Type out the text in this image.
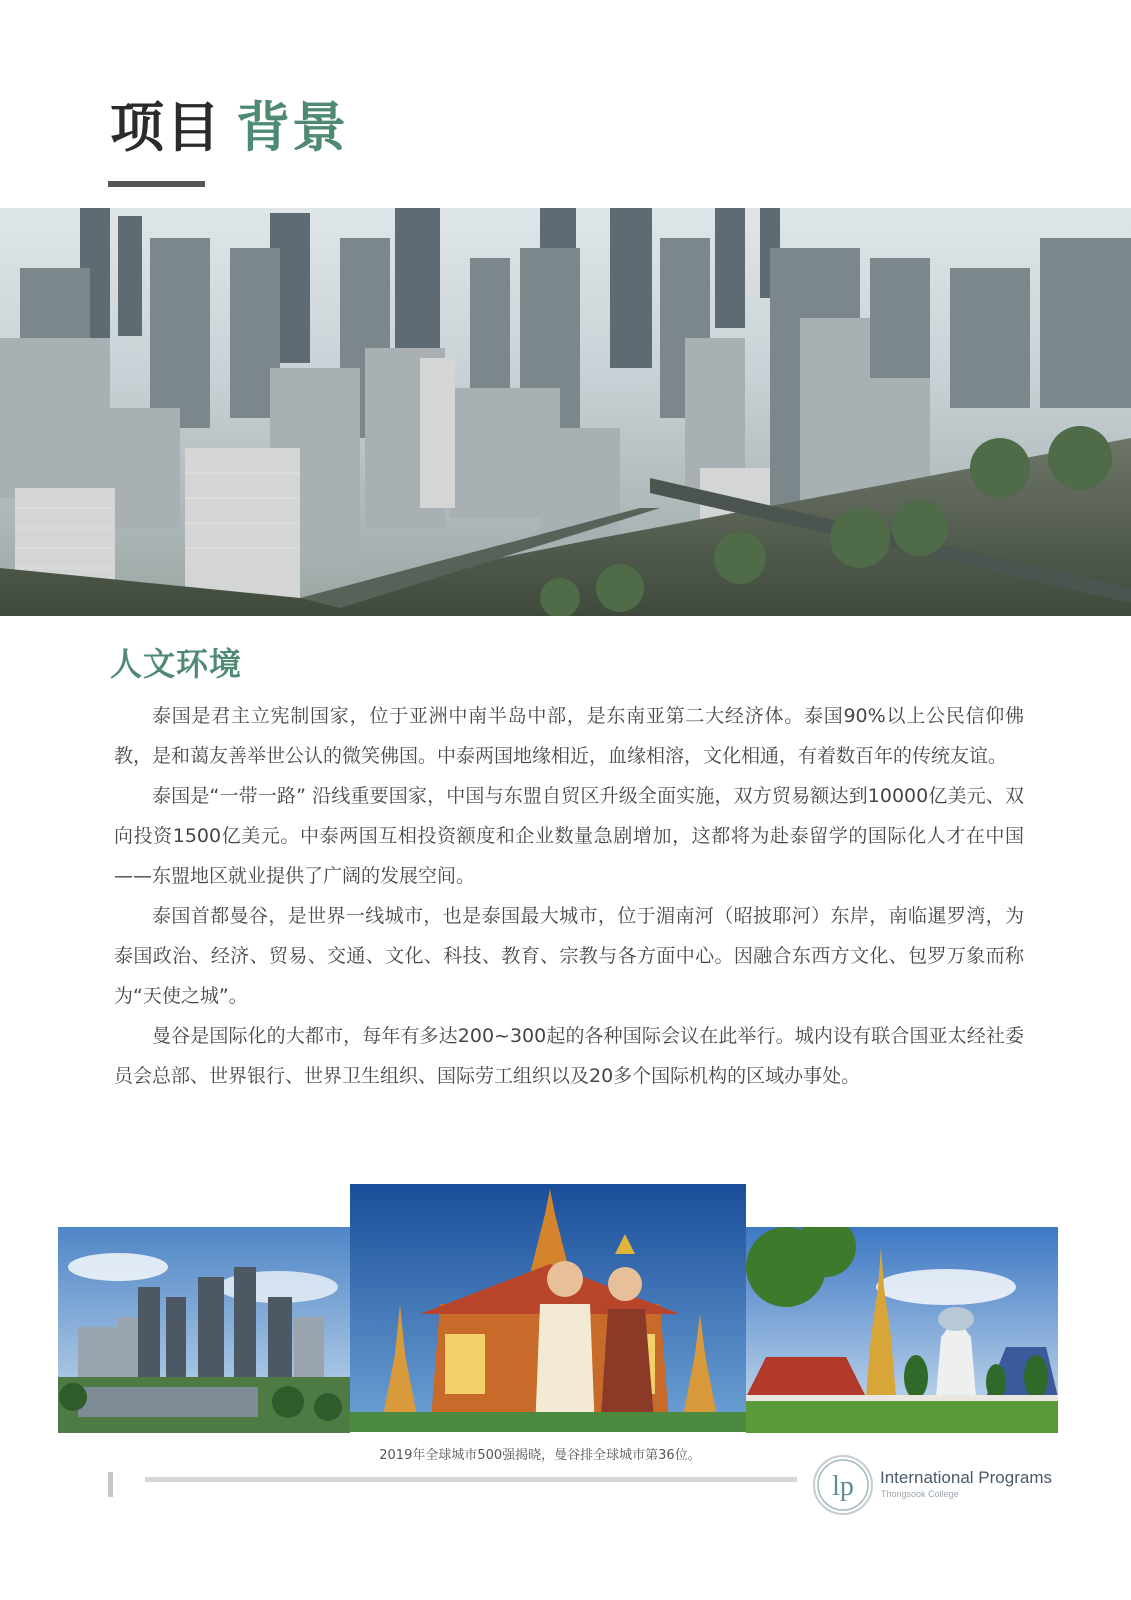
项目 背景
人文环境

泰国是君主立宪制国家，位于亚洲中南半岛中部，是东南亚第二大经济体。泰国90%以上公民信仰佛教，是和蔼友善举世公认的微笑佛国。中泰两国地缘相近，血缘相溶，文化相通，有着数百年的传统友谊。

泰国是“一带一路” 沿线重要国家，中国与东盟自贸区升级全面实施，双方贸易额达到10000亿美元、双向投资1500亿美元。中泰两国互相投资额度和企业数量急剧增加，这都将为赴泰留学的国际化人才在中国——东盟地区就业提供了广阔的发展空间。

泰国首都曼谷，是世界一线城市，也是泰国最大城市，位于湄南河（昭披耶河）东岸，南临暹罗湾，为泰国政治、经济、贸易、交通、文化、科技、教育、宗教与各方面中心。因融合东西方文化、包罗万象而称为“天使之城”。

曼谷是国际化的大都市，每年有多达200~300起的各种国际会议在此举行。城内设有联合国亚太经社委员会总部、世界银行、世界卫生组织、国际劳工组织以及20多个国际机构的区域办事处。

2019年全球城市500强揭晓，曼谷排全球城市第36位。
lp International Programs
Thongsook College
